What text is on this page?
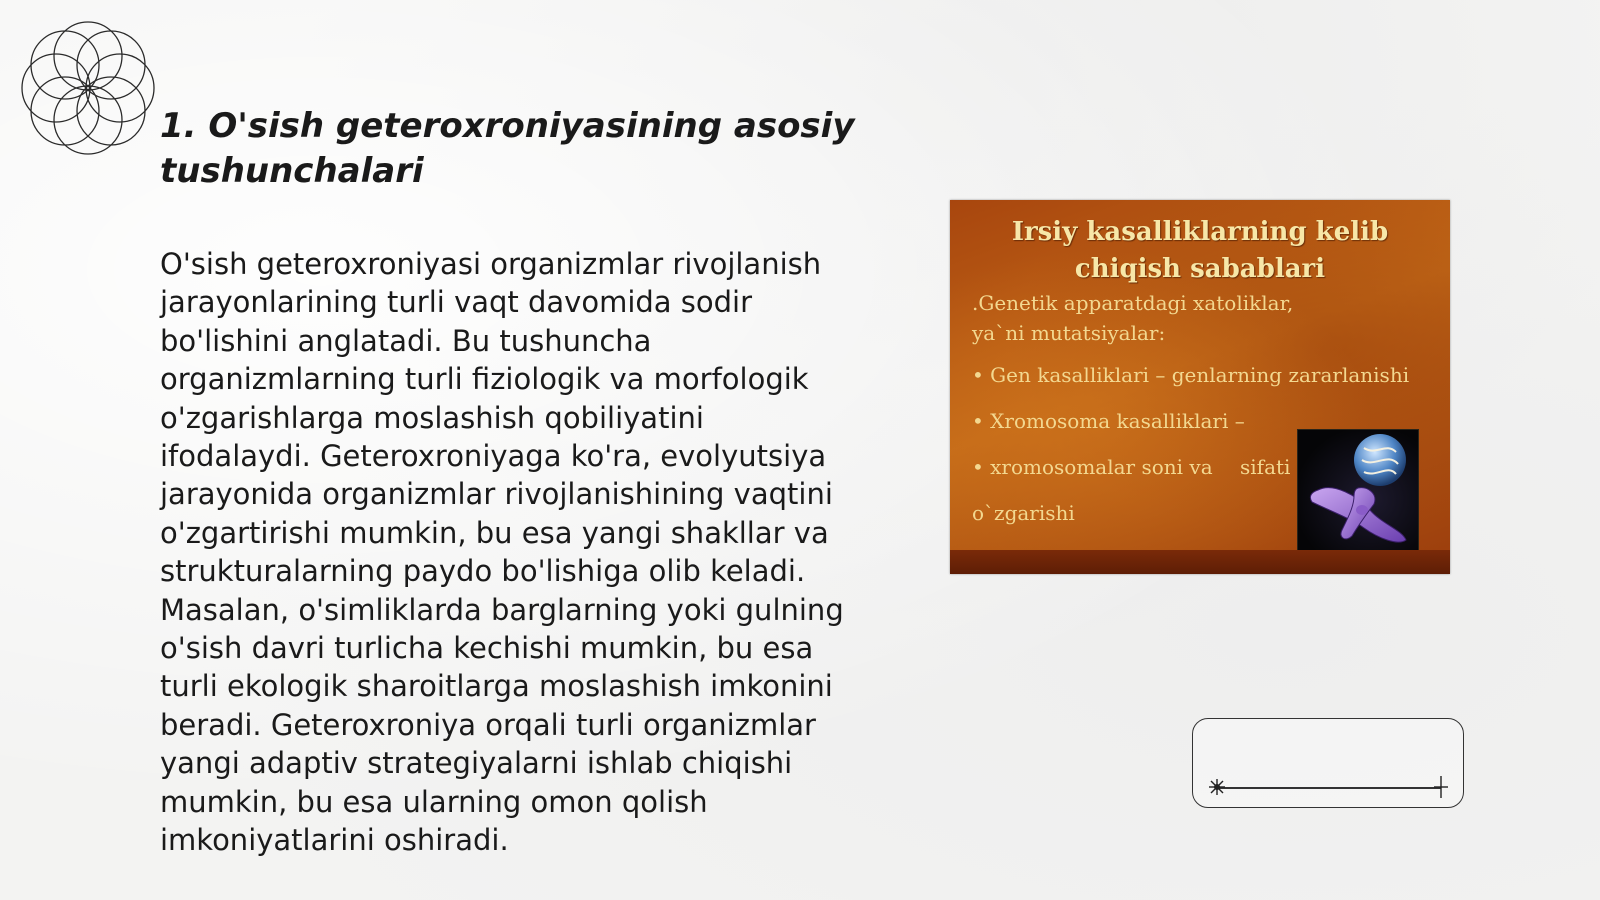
1. O'sish geteroxroniyasining asosiy tushunchalari

O'sish geteroxroniyasi organizmlar rivojlanish jarayonlarining turli vaqt davomida sodir bo'lishini anglatadi. Bu tushuncha organizmlarning turli fiziologik va morfologik o'zgarishlarga moslashish qobiliyatini ifodalaydi. Geteroxroniyaga ko'ra, evolyutsiya jarayonida organizmlar rivojlanishining vaqtini o'zgartirishi mumkin, bu esa yangi shakllar va strukturalarning paydo bo'lishiga olib keladi. Masalan, o'simliklarda barglarning yoki gulning o'sish davri turlicha kechishi mumkin, bu esa turli ekologik sharoitlarga moslashish imkonini beradi. Geteroxroniya orqali turli organizmlar yangi adaptiv strategiyalarni ishlab chiqishi mumkin, bu esa ularning omon qolish imkoniyatlarini oshiradi.

Irsiy kasalliklarning kelib chiqish sabablari

.Genetik apparatdagi xatoliklar, ya`ni mutatsiyalar:

• Gen kasalliklari – genlarning zararlanishi

• Xromosoma kasalliklari –

• xromosomalar soni va sifati

o`zgarishi
